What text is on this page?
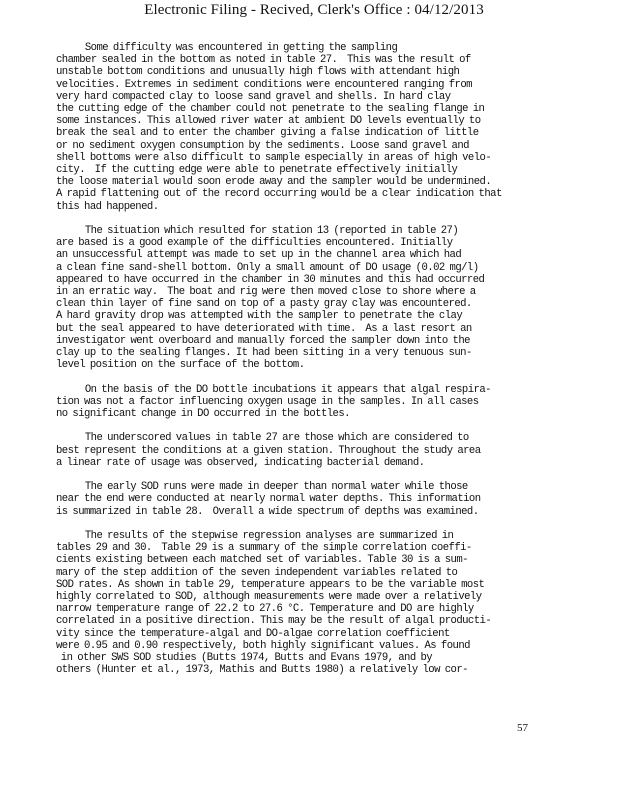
Electronic Filing - Recived, Clerk's Office : 04/12/2013
Some difficulty was encountered in getting the sampling
chamber sealed in the bottom as noted in table 27.  This was the result of
unstable bottom conditions and unusually high flows with attendant high
velocities. Extremes in sediment conditions were encountered ranging from
very hard compacted clay to loose sand gravel and shells. In hard clay
the cutting edge of the chamber could not penetrate to the sealing flange in
some instances. This allowed river water at ambient DO levels eventually to
break the seal and to enter the chamber giving a false indication of little
or no sediment oxygen consumption by the sediments. Loose sand gravel and
shell bottoms were also difficult to sample especially in areas of high velo-
city.  If the cutting edge were able to penetrate effectively initially
the loose material would soon erode away and the sampler would be undermined.
A rapid flattening out of the record occurring would be a clear indication that
this had happened.
The situation which resulted for station 13 (reported in table 27)
are based is a good example of the difficulties encountered. Initially
an unsuccessful attempt was made to set up in the channel area which had
a clean fine sand-shell bottom. Only a small amount of DO usage (0.02 mg/l)
appeared to have occurred in the chamber in 30 minutes and this had occurred
in an erratic way.  The boat and rig were then moved close to shore where a
clean thin layer of fine sand on top of a pasty gray clay was encountered.
A hard gravity drop was attempted with the sampler to penetrate the clay
but the seal appeared to have deteriorated with time.  As a last resort an
investigator went overboard and manually forced the sampler down into the
clay up to the sealing flanges. It had been sitting in a very tenuous sun-
level position on the surface of the bottom.
On the basis of the DO bottle incubations it appears that algal respira-
tion was not a factor influencing oxygen usage in the samples. In all cases
no significant change in DO occurred in the bottles.
The underscored values in table 27 are those which are considered to
best represent the conditions at a given station. Throughout the study area
a linear rate of usage was observed, indicating bacterial demand.
The early SOD runs were made in deeper than normal water while those
near the end were conducted at nearly normal water depths. This information
is summarized in table 28.  Overall a wide spectrum of depths was examined.
The results of the stepwise regression analyses are summarized in
tables 29 and 30.  Table 29 is a summary of the simple correlation coeffi-
cients existing between each matched set of variables. Table 30 is a sum-
mary of the step addition of the seven independent variables related to
SOD rates. As shown in table 29, temperature appears to be the variable most
highly correlated to SOD, although measurements were made over a relatively
narrow temperature range of 22.2 to 27.6 °C. Temperature and DO are highly
correlated in a positive direction. This may be the result of algal producti-
vity since the temperature-algal and DO-algae correlation coefficient
were 0.95 and 0.90 respectively, both highly significant values. As found
in other SWS SOD studies (Butts 1974, Butts and Evans 1979, and by
others (Hunter et al., 1973, Mathis and Butts 1980) a relatively low cor-
57
